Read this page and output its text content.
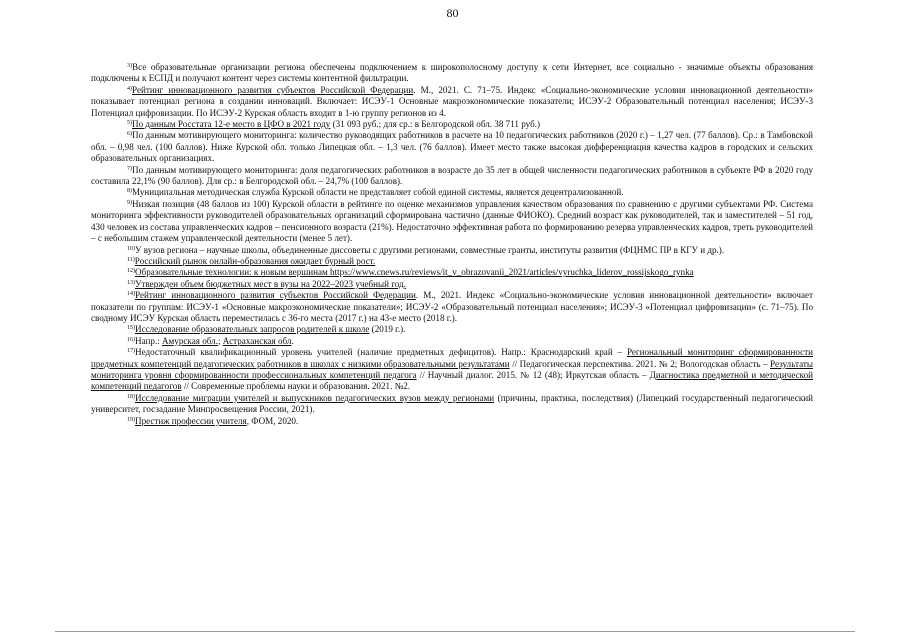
80

$^{3)}$Все образовательные организации региона обеспечены подключением к широкополосному доступу к сети Интернет, все социально - значимые объекты образования подключены к ЕСПД и получают контент через системы контентной фильтрации.

$^{4)}$Рейтинг инновационного развития субъектов Российской Федерации. М., 2021. С. 71–75. Индекс «Социально-экономические условия инновационной деятельности» показывает потенциал региона в создании инноваций. Включает: ИСЭУ-1 Основные макроэкономические показатели; ИСЭУ-2 Образовательный потенциал населения; ИСЭУ-3 Потенциал цифровизации. По ИСЭУ-2 Курская область входит в 1-ю группу регионов из 4.

$^{5)}$По данным Росстата 12-е место в ЦФО в 2021 году (31 093 руб.; для ср.: в Белгородской обл. 38 711 руб.)

$^{6)}$По данным мотивирующего мониторинга: количество руководящих работников в расчете на 10 педагогических работников (2020 г.) – 1,27 чел. (77 баллов). Ср.: в Тамбовской обл. – 0,98 чел. (100 баллов). Ниже Курской обл. только Липецкая обл. – 1,3 чел. (76 баллов). Имеет место также высокая дифференциация качества кадров в городских и сельских образовательных организациях.

$^{7)}$По данным мотивирующего мониторинга: доля педагогических работников в возрасте до 35 лет в общей численности педагогических работников в субъекте РФ в 2020 году составила 22,1% (90 баллов). Для ср.: в Белгородской обл. – 24,7% (100 баллов).

$^{8)}$Муниципальная методическая служба Курской области не представляет собой единой системы, является децентрализованной.

$^{9)}$Низкая позиция (48 баллов из 100) Курской области в рейтинге по оценке механизмов управления качеством образования по сравнению с другими субъектами РФ. Система мониторинга эффективности руководителей образовательных организаций сформирована частично (данные ФИОКО). Средний возраст как руководителей, так и заместителей – 51 год, 430 человек из состава управленческих кадров – пенсионного возраста (21%). Недостаточно эффективная работа по формированию резерва управленческих кадров, треть руководителей – с небольшим стажем управленческой деятельности (менее 5 лет).

$^{10)}$У вузов региона – научные школы, объединенные диссоветы с другими регионами, совместные гранты, институты развития (ФЦНМС ПР в КГУ и др.).

$^{11)}$Российский рынок онлайн-образования ожидает бурный рост.

$^{12)}$Образовательные технологии: к новым вершинам https://www.cnews.ru/reviews/it_v_obrazovanii_2021/articles/vyruchka_liderov_rossijskogo_rynka

$^{13)}$Утвержден объем бюджетных мест в вузы на 2022–2023 учебный год.

$^{14)}$Рейтинг инновационного развития субъектов Российской Федерации. М., 2021. Индекс «Социально-экономические условия инновационной деятельности» включает показатели по группам: ИСЭУ-1 «Основные макроэкономические показатели»; ИСЭУ-2 «Образовательный потенциал населения»; ИСЭУ-3 «Потенциал цифровизации» (с. 71–75). По сводному ИСЭУ Курская область переместилась с 36-го места (2017 г.) на 43-е место (2018 г.).

$^{15)}$Исследование образовательных запросов родителей к школе (2019 г.).

$^{16)}$Напр.: Амурская обл.; Астраханская обл.

$^{17)}$Недостаточный квалификационный уровень учителей (наличие предметных дефицитов). Напр.: Краснодарский край – Региональный мониторинг сформированности предметных компетенций педагогических работников в школах с низкими образовательными результатами // Педагогическая перспектива. 2021. № 2; Вологодская область – Результаты мониторинга уровня сформированности профессиональных компетенций педагога // Научный диалог. 2015. № 12 (48); Иркутская область – Диагностика предметной и методической компетенций педагогов // Современные проблемы науки и образования. 2021. №2.

$^{18)}$Исследование миграции учителей и выпускников педагогических вузов между регионами (причины, практика, последствия) (Липецкий государственный педагогический университет, госзадание Минпросвещения России, 2021).

$^{19)}$Престиж профессии учителя, ФОМ, 2020.
